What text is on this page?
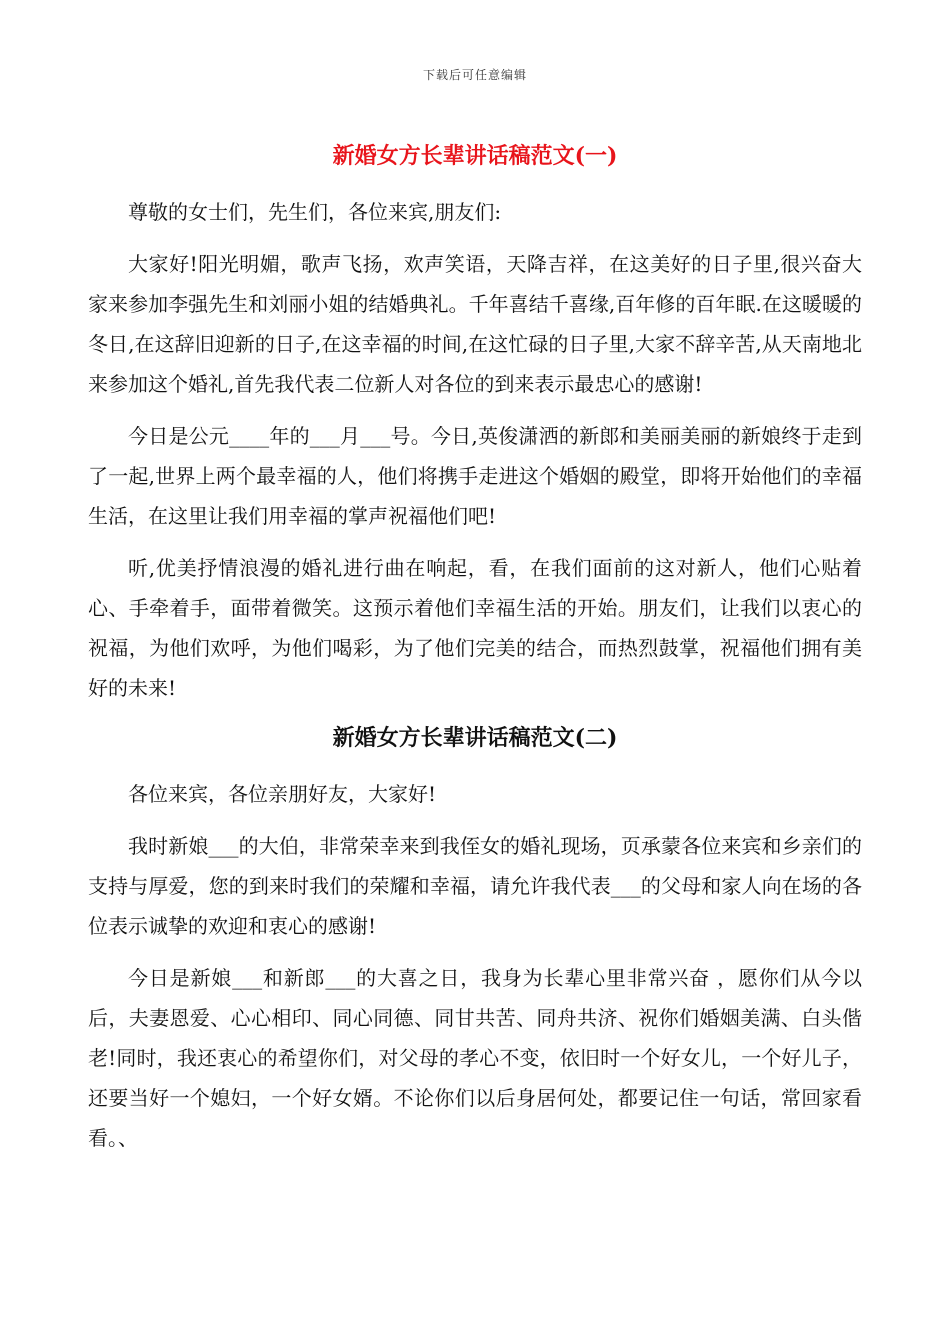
下载后可任意编辑
新婚女方长辈讲话稿范文(一)

尊敬的女士们，先生们，各位来宾,朋友们:

大家好!阳光明媚，歌声飞扬，欢声笑语，天降吉祥，在这美好的日子里,很兴奋大家来参加李强先生和刘丽小姐的结婚典礼。千年喜结千喜缘,百年修的百年眠.在这暖暖的冬日,在这辞旧迎新的日子,在这幸福的时间,在这忙碌的日子里,大家不辞辛苦,从天南地北来参加这个婚礼,首先我代表二位新人对各位的到来表示最忠心的感谢!

今日是公元____年的___月___号。今日,英俊潇洒的新郎和美丽美丽的新娘终于走到了一起,世界上两个最幸福的人，他们将携手走进这个婚姻的殿堂，即将开始他们的幸福生活，在这里让我们用幸福的掌声祝福他们吧!

听,优美抒情浪漫的婚礼进行曲在响起，看，在我们面前的这对新人，他们心贴着心、手牵着手，面带着微笑。这预示着他们幸福生活的开始。朋友们，让我们以衷心的祝福，为他们欢呼，为他们喝彩，为了他们完美的结合，而热烈鼓掌，祝福他们拥有美好的未来!

新婚女方长辈讲话稿范文(二)

各位来宾，各位亲朋好友，大家好!

我时新娘___的大伯，非常荣幸来到我侄女的婚礼现场，页承蒙各位来宾和乡亲们的支持与厚爱，您的到来时我们的荣耀和幸福，请允许我代表___的父母和家人向在场的各位表示诚挚的欢迎和衷心的感谢!

今日是新娘___和新郎___的大喜之日，我身为长辈心里非常兴奋 ，愿你们从今以后，夫妻恩爱、心心相印、同心同德、同甘共苦、同舟共济、祝你们婚姻美满、白头偕老!同时，我还衷心的希望你们，对父母的孝心不变，依旧时一个好女儿，一个好儿子，还要当好一个媳妇，一个好女婿。不论你们以后身居何处，都要记住一句话，常回家看看。、
